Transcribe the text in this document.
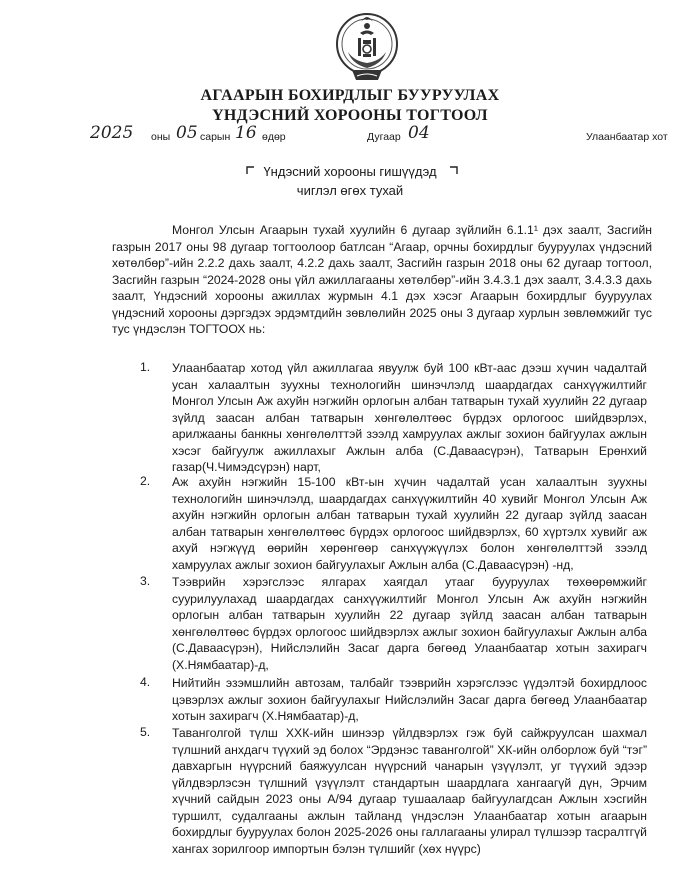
АГААРЫН БОХИРДЛЫГ БУУРУУЛАХ
ҮНДЭСНИЙ ХОРООНЫ ТОГТООЛ
2025 оны 05 сарын 16 өдөр	Дугаар 04	Улаанбаатар хот
Үндэсний хорооны гишүүдэд
чиглэл өгөх тухай

Монгол Улсын Агаарын тухай хуулийн 6 дугаар зүйлийн 6.1.1¹ дэх заалт, Засгийн газрын 2017 оны 98 дугаар тогтоолоор батлсан “Агаар, орчны бохирдлыг бууруулах үндэсний хөтөлбөр”-ийн 2.2.2 дахь заалт, 4.2.2 дахь заалт, Засгийн газрын 2018 оны 62 дугаар тогтоол, Засгийн газрын “2024-2028 оны үйл ажиллагааны хөтөлбөр”-ийн 3.4.3.1 дэх заалт, 3.4.3.3 дахь заалт, Үндэсний хорооны ажиллах журмын 4.1 дэх хэсэг Агаарын бохирдлыг бууруулах үндэсний хорооны дэргэдэх эрдэмтдийн зөвлөлийн 2025 оны 3 дугаар хурлын зөвлөмжийг тус тус үндэслэн ТОГТООХ нь:

1. Улаанбаатар хотод үйл ажиллагаа явуулж буй 100 кВт-аас дээш хүчин чадалтай усан халаалтын зуухны технологийн шинэчлэлд шаардагдах санхүүжилтийг Монгол Улсын Аж ахуйн нэгжийн орлогын албан татварын тухай хуулийн 22 дугаар зүйлд заасан албан татварын хөнгөлөлтөөс бүрдэх орлогоос шийдвэрлэх, арилжааны банкны хөнгөлөлттэй зээлд хамруулах ажлыг зохион байгуулах ажлын хэсэг байгуулж ажиллахыг Ажлын алба (С.Даваасүрэн), Татварын Ерөнхий газар(Ч.Чимэдсүрэн) нарт,

2. Аж ахуйн нэгжийн 15-100 кВт-ын хүчин чадалтай усан халаалтын зуухны технологийн шинэчлэлд, шаардагдах санхүүжилтийн 40 хувийг Монгол Улсын Аж ахуйн нэгжийн орлогын албан татварын тухай хуулийн 22 дугаар зүйлд заасан албан татварын хөнгөлөлтөөс бүрдэх орлогоос шийдвэрлэх, 60 хүртэлх хувийг аж ахуй нэгжүүд өөрийн хөрөнгөөр санхүүжүүлэх болон хөнгөлөлттэй зээлд хамруулах ажлыг зохион байгуулахыг Ажлын алба (С.Даваасүрэн) -нд,

3. Тээврийн хэрэгслээс ялгарах хаягдал утааг бууруулах төхөөрөмжийг суурилуулахад шаардагдах санхүүжилтийг Монгол Улсын Аж ахуйн нэгжийн орлогын албан татварын хуулийн 22 дугаар зүйлд заасан албан татварын хөнгөлөлтөөс бүрдэх орлогоос шийдвэрлэх ажлыг зохион байгуулахыг Ажлын алба (С.Даваасүрэн), Нийслэлийн Засаг дарга бөгөөд Улаанбаатар хотын захирагч (Х.Нямбаатар)-д,

4. Нийтийн эзэмшлийн автозам, талбайг тээврийн хэрэгслээс үүдэлтэй бохирдлоос цэвэрлэх ажлыг зохион байгуулахыг Нийслэлийн Засаг дарга бөгөөд Улаанбаатар хотын захирагч (Х.Нямбаатар)-д,

5. Таванголгой түлш ХХК-ийн шинээр үйлдвэрлэх гэж буй сайжруулсан шахмал түлшний анхдагч түүхий эд болох “Эрдэнэс таванголгой” ХК-ийн олборлож буй “тэг” давхаргын нүүрсний баяжуулсан нүүрсний чанарын үзүүлэлт, уг түүхий эдээр үйлдвэрлэсэн түлшний үзүүлэлт стандартын шаардлага хангаагүй дүн, Эрчим хүчний сайдын 2023 оны А/94 дугаар тушаалаар байгуулагдсан Ажлын хэсгийн туршилт, судалгааны ажлын тайланд үндэслэн Улаанбаатар хотын агаарын бохирдлыг бууруулах болон 2025-2026 оны галлагааны улирал түлшээр тасралтгүй хангах зорилгоор импортын бэлэн түлшийг (хөх нүүрс)
